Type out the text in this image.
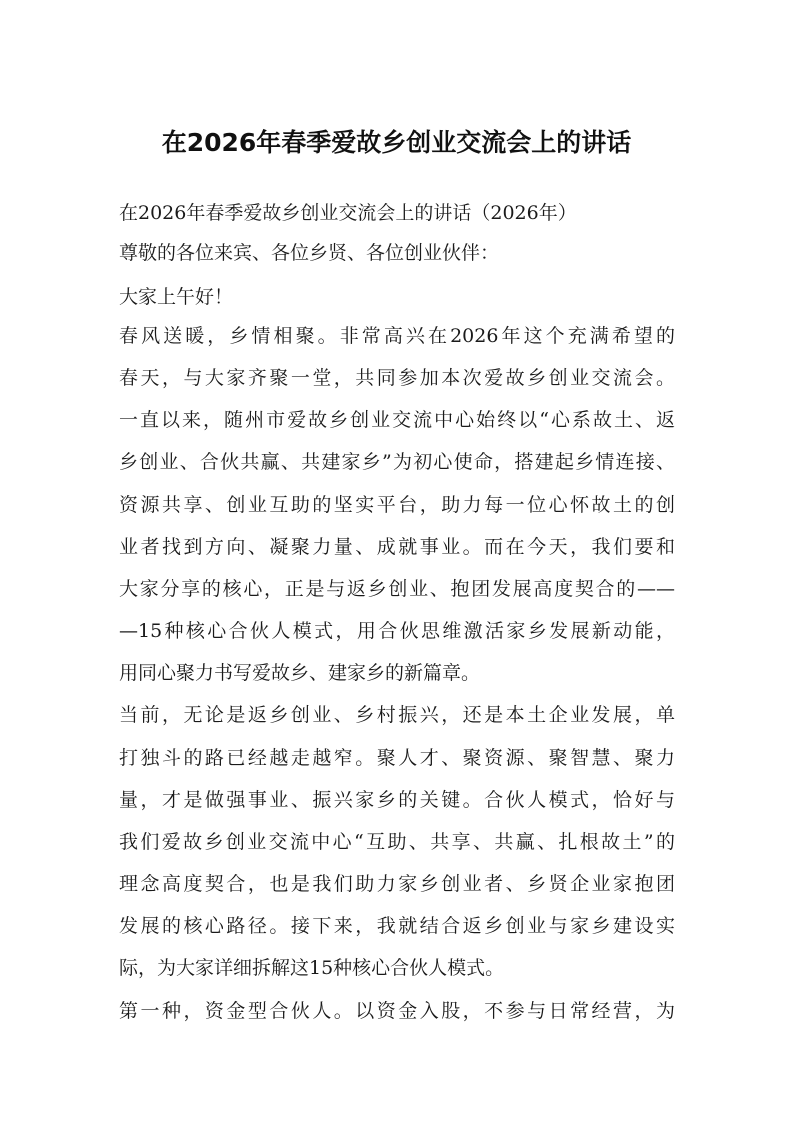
在2026年春季爱故乡创业交流会上的讲话
在2026年春季爱故乡创业交流会上的讲话（2026年）
尊敬的各位来宾、各位乡贤、各位创业伙伴：
大家上午好！
春风送暖，乡情相聚。非常高兴在2026年这个充满希望的
春天，与大家齐聚一堂，共同参加本次爱故乡创业交流会。
一直以来，随州市爱故乡创业交流中心始终以“心系故土、返
乡创业、合伙共赢、共建家乡”为初心使命，搭建起乡情连接、
资源共享、创业互助的坚实平台，助力每一位心怀故土的创
业者找到方向、凝聚力量、成就事业。而在今天，我们要和
大家分享的核心，正是与返乡创业、抱团发展高度契合的——
—15种核心合伙人模式，用合伙思维激活家乡发展新动能，
用同心聚力书写爱故乡、建家乡的新篇章。
当前，无论是返乡创业、乡村振兴，还是本土企业发展，单
打独斗的路已经越走越窄。聚人才、聚资源、聚智慧、聚力
量，才是做强事业、振兴家乡的关键。合伙人模式，恰好与
我们爱故乡创业交流中心“互助、共享、共赢、扎根故土”的
理念高度契合，也是我们助力家乡创业者、乡贤企业家抱团
发展的核心路径。接下来，我就结合返乡创业与家乡建设实
际，为大家详细拆解这15种核心合伙人模式。
第一种，资金型合伙人。以资金入股，不参与日常经营，为
